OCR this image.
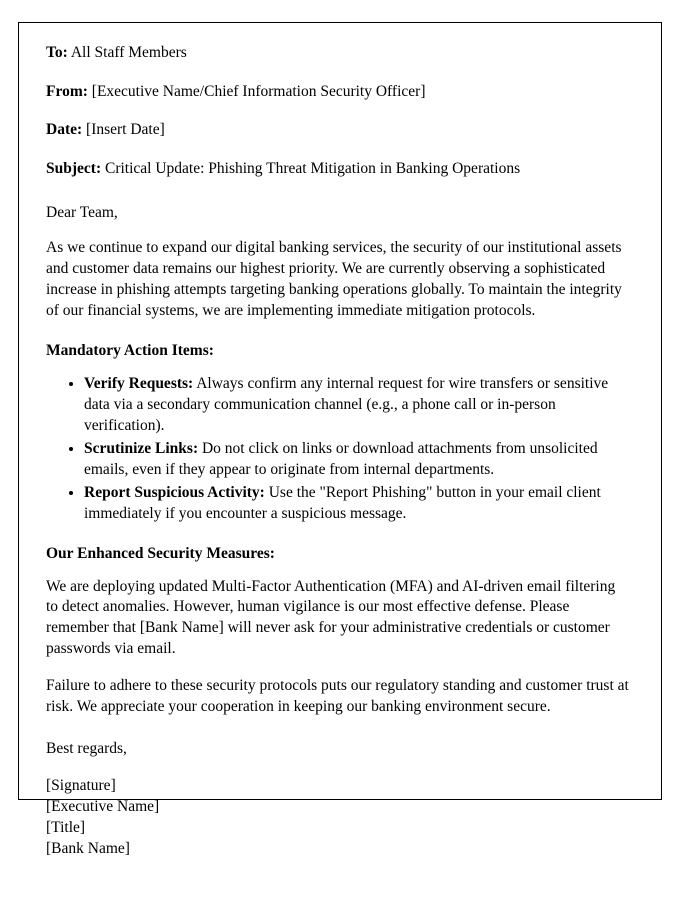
To: All Staff Members
From: [Executive Name/Chief Information Security Officer]
Date: [Insert Date]
Subject: Critical Update: Phishing Threat Mitigation in Banking Operations
Dear Team,

As we continue to expand our digital banking services, the security of our institutional assets and customer data remains our highest priority. We are currently observing a sophisticated increase in phishing attempts targeting banking operations globally. To maintain the integrity of our financial systems, we are implementing immediate mitigation protocols.

Mandatory Action Items:
• Verify Requests: Always confirm any internal request for wire transfers or sensitive data via a secondary communication channel (e.g., a phone call or in-person verification).
• Scrutinize Links: Do not click on links or download attachments from unsolicited emails, even if they appear to originate from internal departments.
• Report Suspicious Activity: Use the "Report Phishing" button in your email client immediately if you encounter a suspicious message.
Our Enhanced Security Measures:

We are deploying updated Multi-Factor Authentication (MFA) and AI-driven email filtering to detect anomalies. However, human vigilance is our most effective defense. Please remember that [Bank Name] will never ask for your administrative credentials or customer passwords via email.

Failure to adhere to these security protocols puts our regulatory standing and customer trust at risk. We appreciate your cooperation in keeping our banking environment secure.

Best regards,
[Signature]
[Executive Name]
[Title]
[Bank Name]
